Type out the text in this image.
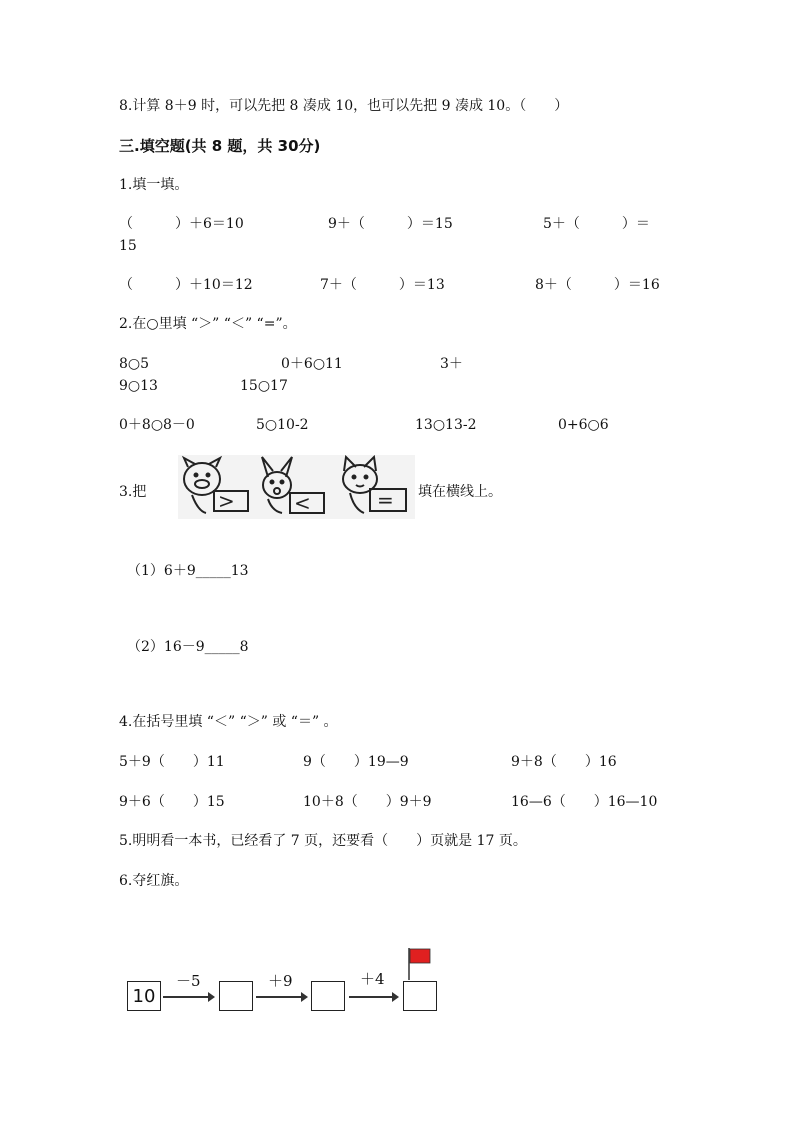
8.计算 8＋9 时，可以先把 8 凑成 10，也可以先把 9 凑成 10。（　　）
三.填空题(共 8 题，共 30分)
1.填一填。
（　　　）＋6＝10	9＋（　　　）＝15	5＋（　　　）＝
15
（　　　）＋10＝12	7＋（　　　）＝13	8＋（　　　）＝16
2.在○里填 “＞” “＜” “=”。
8○5	0＋6○11	3＋
9○13	15○17
0＋8○8－0	5○10-2	13○13-2	0+6○6
3.把	>	<	= 填在横线上。
（1）6＋9_____13
（2）16－9_____8
4.在括号里填 “＜” “＞” 或 “＝” 。
5＋9（　　）11	9（　　）19—9	9＋8（　　）16
9＋6（　　）15	10＋8（　　）9＋9	16—6（　　）16—10
5.明明看一本书，已经看了 7 页，还要看（　　）页就是 17 页。
6.夺红旗。
10
－5	＋9	＋4
